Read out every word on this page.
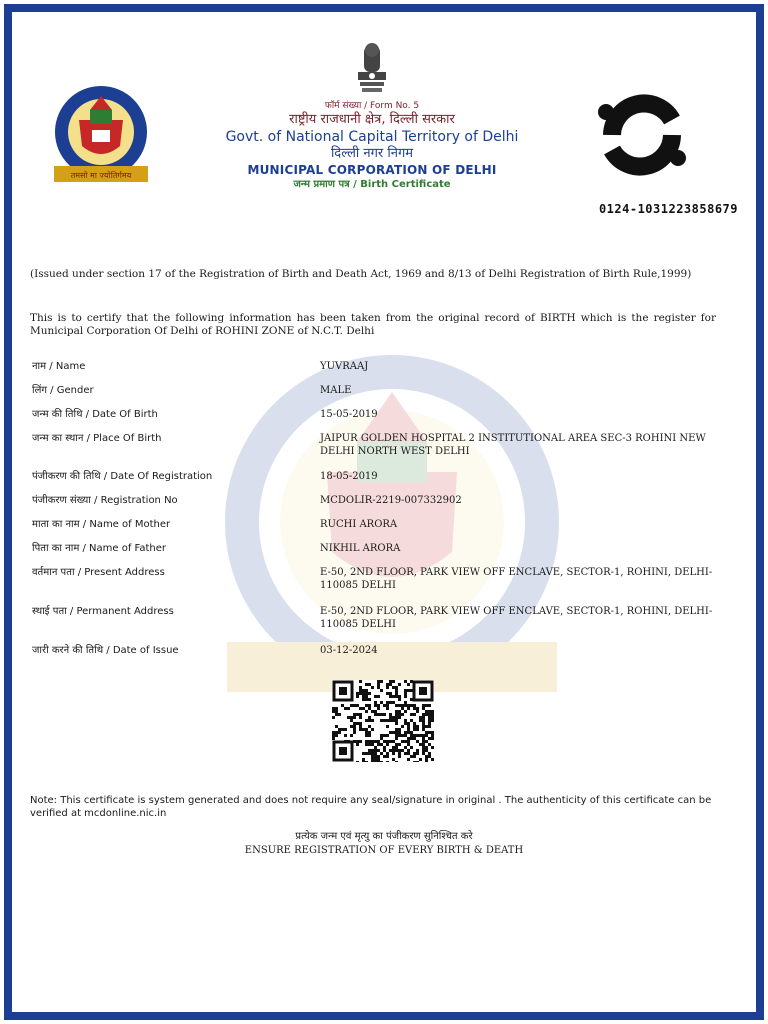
तमसो मा ज्योतिर्गमय
फॉर्म संख्या / Form No. 5
राष्ट्रीय राजधानी क्षेत्र, दिल्ली सरकार
Govt. of National Capital Territory of Delhi
दिल्ली नगर निगम
MUNICIPAL CORPORATION OF DELHI
जन्म प्रमाण पत्र / Birth Certificate
0124-1031223858679
(Issued under section 17 of the Registration of Birth and Death Act, 1969 and 8/13 of Delhi Registration of Birth Rule,1999)
This is to certify that the following information has been taken from the original record of BIRTH which is the register for Municipal Corporation Of Delhi of ROHINI ZONE of N.C.T. Delhi
नाम / Name	YUVRAAJ
लिंग / Gender	MALE
जन्म की तिथि / Date Of Birth	15-05-2019
जन्म का स्थान / Place Of Birth	JAIPUR GOLDEN HOSPITAL 2 INSTITUTIONAL AREA SEC-3 ROHINI NEW DELHI NORTH WEST DELHI
पंजीकरण की तिथि / Date Of Registration	18-05-2019
पंजीकरण संख्या / Registration No	MCDOLIR-2219-007332902
माता का नाम / Name of Mother	RUCHI ARORA
पिता का नाम / Name of Father	NIKHIL ARORA
वर्तमान पता / Present Address	E-50, 2ND FLOOR, PARK VIEW OFF ENCLAVE, SECTOR-1, ROHINI, DELHI-110085 DELHI
स्थाई पता / Permanent Address	E-50, 2ND FLOOR, PARK VIEW OFF ENCLAVE, SECTOR-1, ROHINI, DELHI-110085 DELHI
जारी करने की तिथि / Date of Issue	03-12-2024
Note: This certificate is system generated and does not require any seal/signature in original . The authenticity of this certificate can be verified at mcdonline.nic.in
प्रत्येक जन्म एवं मृत्यु का पंजीकरण सुनिश्चित करे
ENSURE REGISTRATION OF EVERY BIRTH & DEATH
